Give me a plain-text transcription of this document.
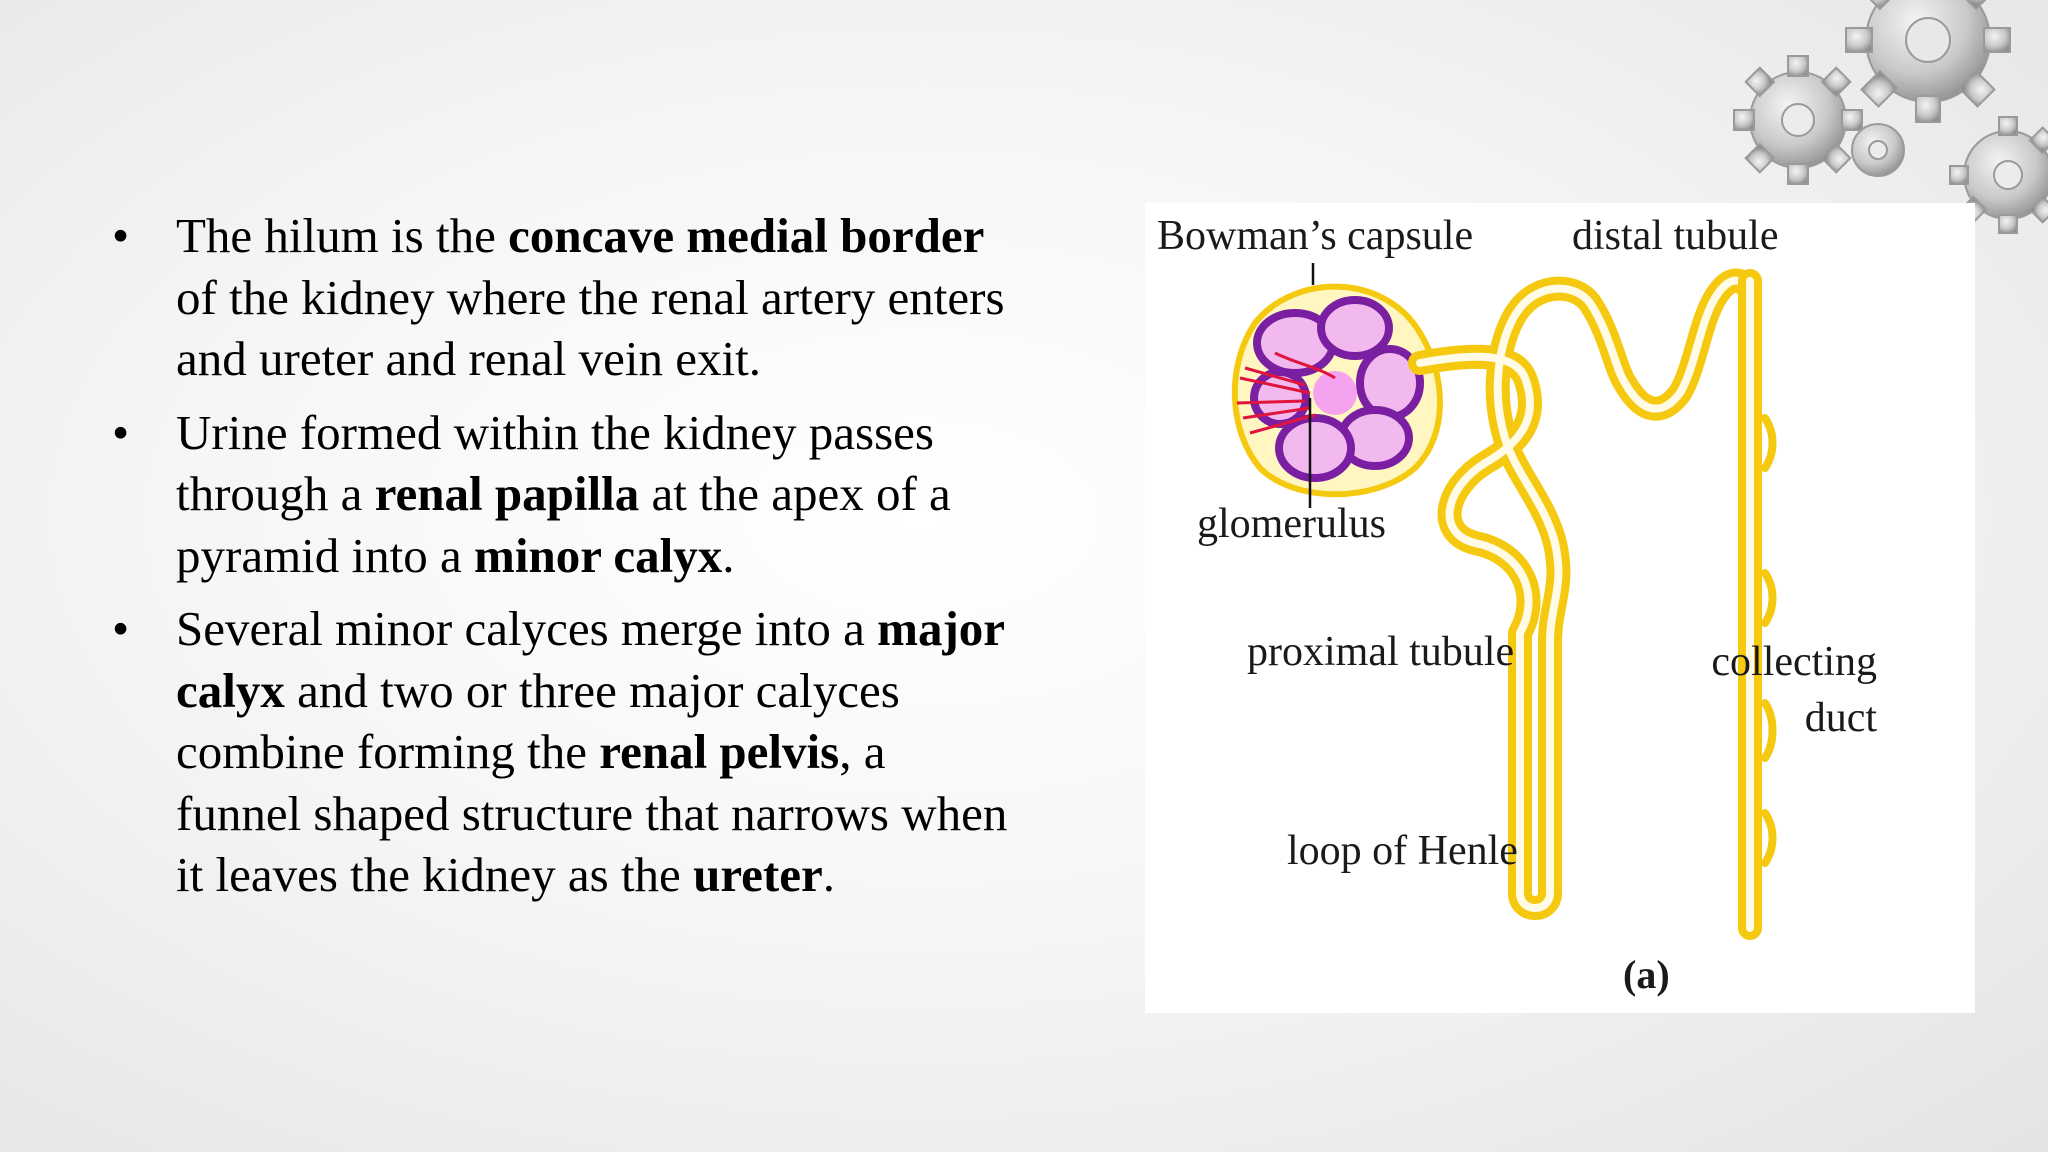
• The hilum is the concave medial border of the kidney where the renal artery enters and ureter and renal vein exit.
• Urine formed within the kidney passes through a renal papilla at the apex of a pyramid into a minor calyx.
• Several minor calyces merge into a major calyx and two or three major calyces combine forming the renal pelvis, a funnel shaped structure that narrows when it leaves the kidney as the ureter.
Bowman’s capsule distal tubule
glomerulus
proximal tubule	collecting
duct
loop of Henle
(a)
